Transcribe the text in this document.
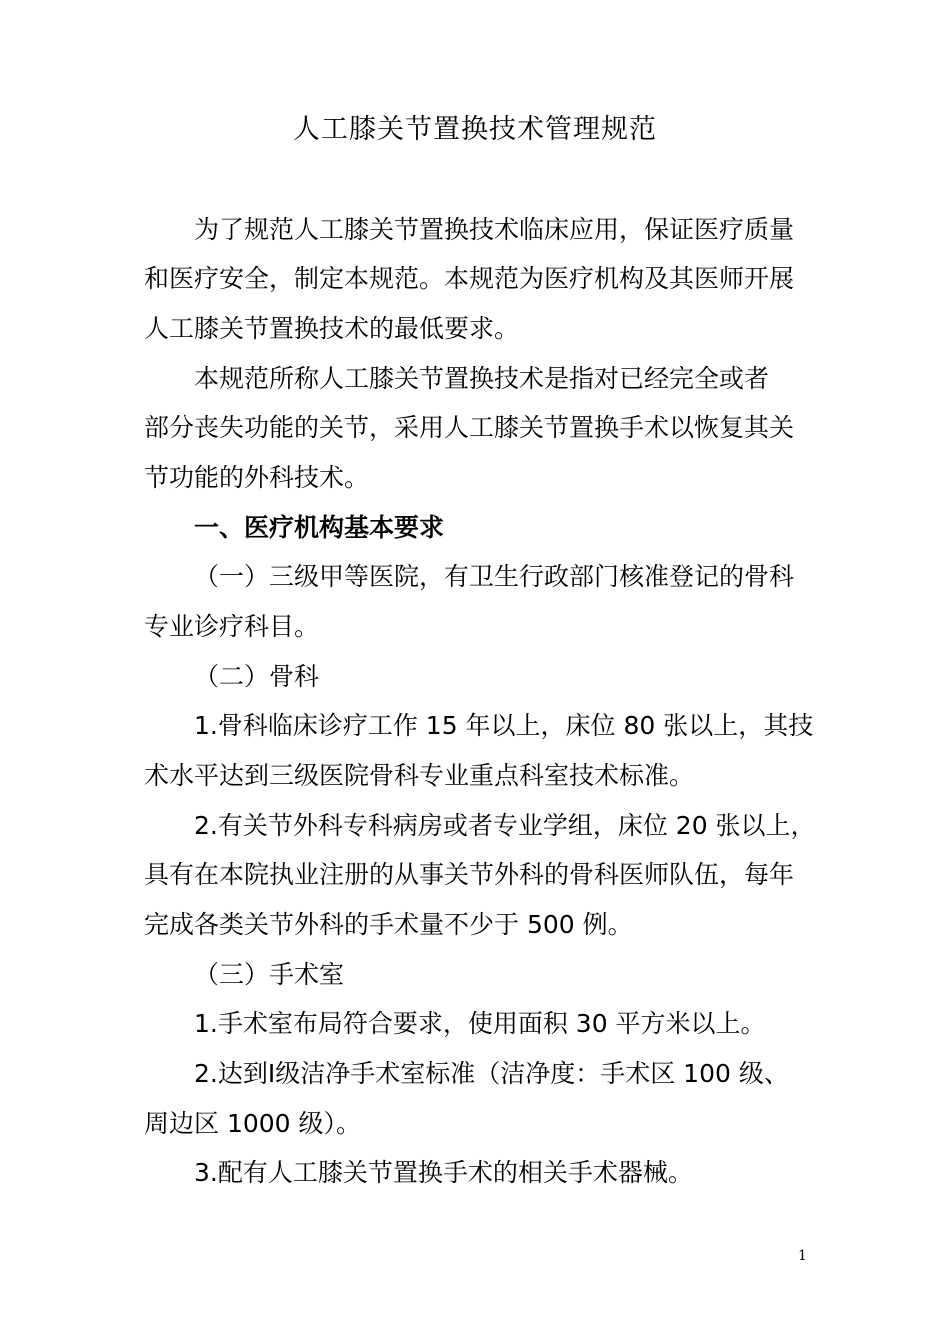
人工膝关节置换技术管理规范
为了规范人工膝关节置换技术临床应用，保证医疗质量
和医疗安全，制定本规范。本规范为医疗机构及其医师开展
人工膝关节置换技术的最低要求。
本规范所称人工膝关节置换技术是指对已经完全或者
部分丧失功能的关节，采用人工膝关节置换手术以恢复其关
节功能的外科技术。
一、医疗机构基本要求
（一）三级甲等医院，有卫生行政部门核准登记的骨科
专业诊疗科目。
（二）骨科
1.骨科临床诊疗工作 15 年以上，床位 80 张以上，其技
术水平达到三级医院骨科专业重点科室技术标准。
2.有关节外科专科病房或者专业学组，床位 20 张以上，
具有在本院执业注册的从事关节外科的骨科医师队伍，每年
完成各类关节外科的手术量不少于 500 例。
（三）手术室
1.手术室布局符合要求，使用面积 30 平方米以上。
2.达到Ⅰ级洁净手术室标准（洁净度：手术区 100 级、
周边区 1000 级）。
3.配有人工膝关节置换手术的相关手术器械。
1
